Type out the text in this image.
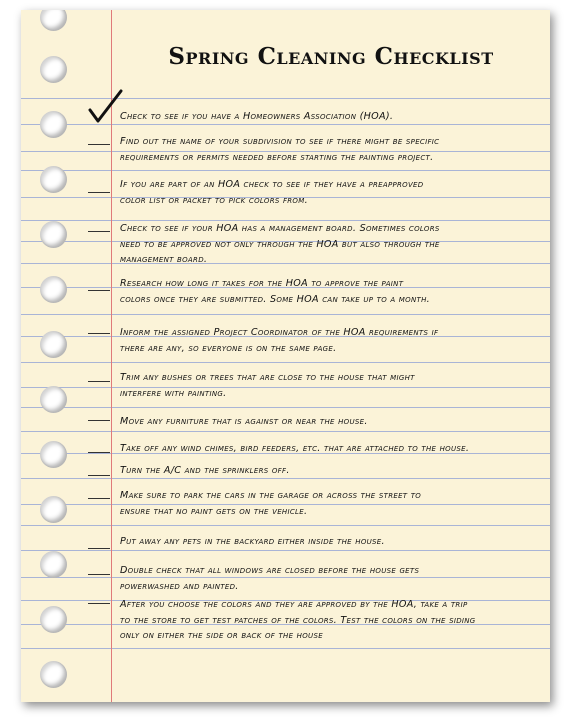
Spring Cleaning Checklist
Check to see if you have a Homeowners Association (HOA).
Find out the name of your subdivision to see if there might be specific
requirements or permits needed before starting the painting project.
If you are part of an HOA check to see if they have a preapproved
color list or packet to pick colors from.
Check to see if your HOA has a management board. Sometimes colors
need to be approved not only through the HOA but also through the
management board.
Research how long it takes for the HOA to approve the paint
colors once they are submitted. Some HOA can take up to a month.
Inform the assigned Project Coordinator of the HOA requirements if
there are any, so everyone is on the same page.
Trim any bushes or trees that are close to the house that might
interfere with painting.
Move any furniture that is against or near the house.
Take off any wind chimes, bird feeders, etc. that are attached to the house.
Turn the A/C and the sprinklers off.
Make sure to park the cars in the garage or across the street to
ensure that no paint gets on the vehicle.
Put away any pets in the backyard either inside the house.
Double check that all windows are closed before the house gets
powerwashed and painted.
After you choose the colors and they are approved by the HOA, take a trip
to the store to get test patches of the colors. Test the colors on the siding
only on either the side or back of the house
